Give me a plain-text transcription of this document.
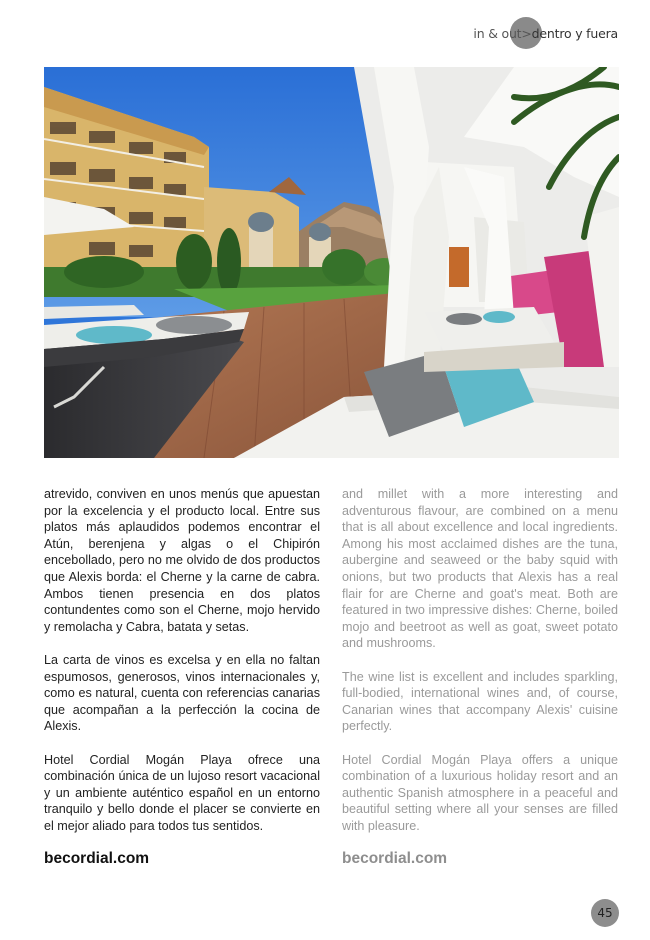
in & out > dentro y fuera

atrevido, conviven en unos menús que apuestan por la excelencia y el producto local. Entre sus platos más aplaudidos podemos encontrar el Atún, berenjena y algas o el Chipirón encebollado, pero no me olvido de dos productos que Alexis borda: el Cherne y la carne de cabra. Ambos tienen presencia en dos platos contundentes como son el Cherne, mojo hervido y remolacha y Cabra, batata y setas.

La carta de vinos es excelsa y en ella no faltan espumosos, generosos, vinos internacionales y, como es natural, cuenta con referencias canarias que acompañan a la perfección la cocina de Alexis.

Hotel Cordial Mogán Playa ofrece una combinación única de un lujoso resort vacacional y un ambiente auténtico español en un entorno tranquilo y bello donde el placer se convierte en el mejor aliado para todos tus sentidos.

and millet with a more interesting and adventurous flavour, are combined on a menu that is all about excellence and local ingredients. Among his most acclaimed dishes are the tuna, aubergine and seaweed or the baby squid with onions, but two products that Alexis has a real flair for are Cherne and goat's meat. Both are featured in two impressive dishes: Cherne, boiled mojo and beetroot as well as goat, sweet potato and mushrooms.

The wine list is excellent and includes sparkling, full-bodied, international wines and, of course, Canarian wines that accompany Alexis' cuisine perfectly.

Hotel Cordial Mogán Playa offers a unique combination of a luxurious holiday resort and an authentic Spanish atmosphere in a peaceful and beautiful setting where all your senses are filled with pleasure.

becordial.com	becordial.com
45
